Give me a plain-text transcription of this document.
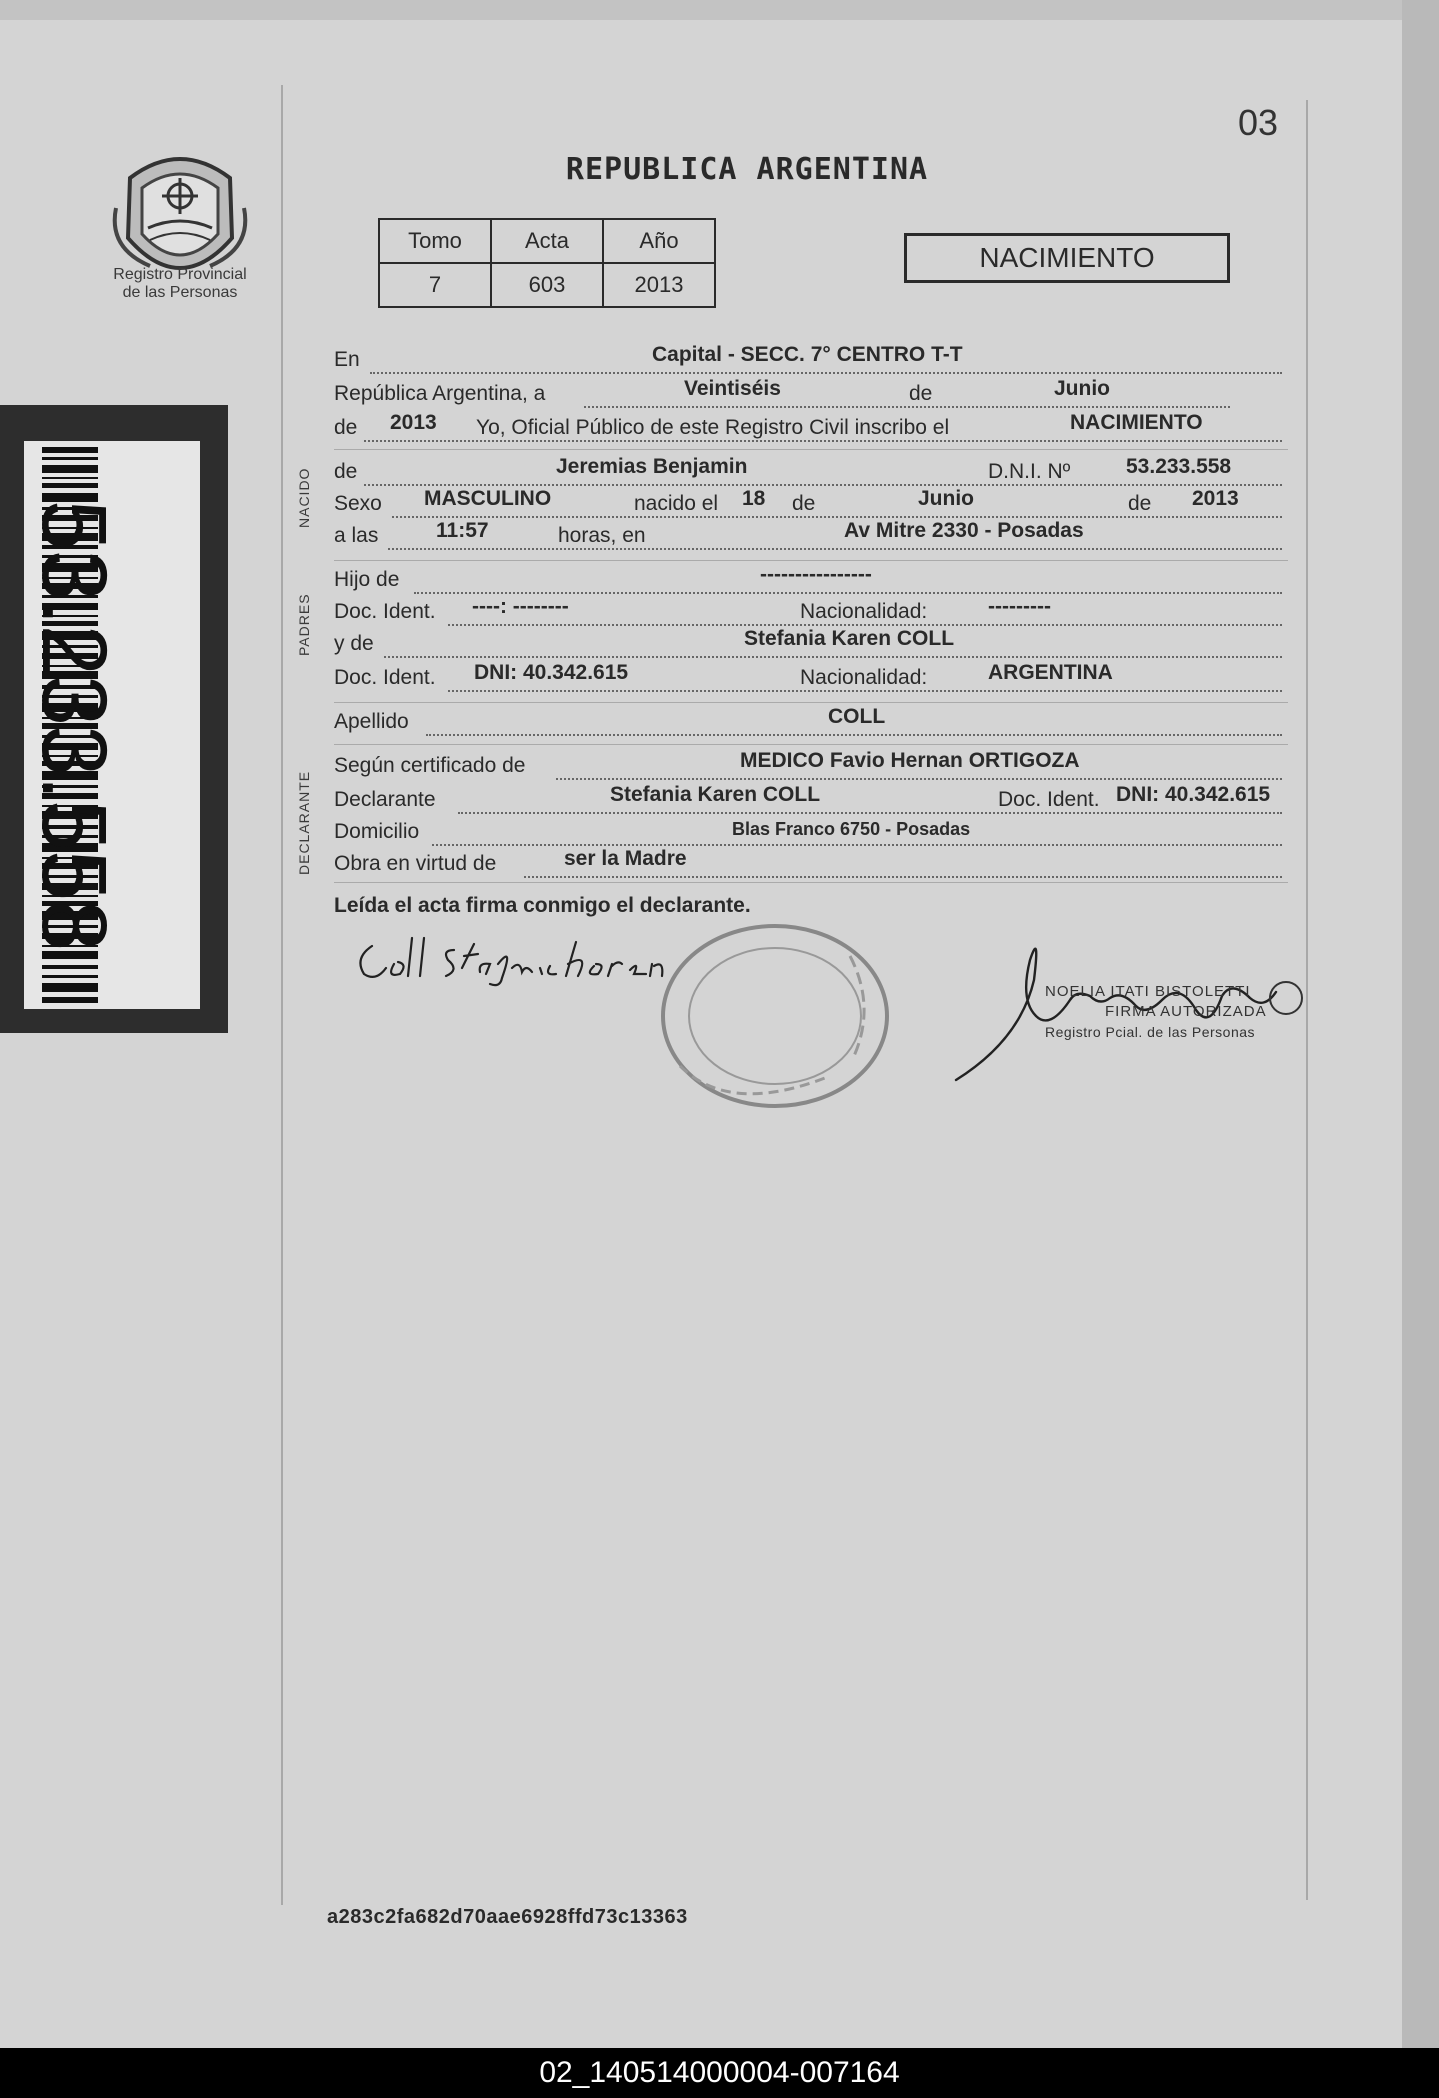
Registro Provincial
de las Personas
53.233.558
03
REPUBLICA ARGENTINA
Tomo	Acta	Año
7	603	2013
NACIMIENTO
NACIDO
PADRES
DECLARANTE
En	Capital - SECC. 7° CENTRO T-T
República Argentina, a	Veintiséis	de	Junio
de 2013 Yo, Oficial Público de este Registro Civil inscribo el	NACIMIENTO
de	Jeremias Benjamin	D.N.I. Nº	53.233.558
Sexo MASCULINO	nacido el 18 de	Junio	de 2013
a las	11:57	horas, en	Av Mitre 2330 - Posadas
Hijo de	----------------
Doc. Ident. ----: --------	Nacionalidad:	---------
y de	Stefania Karen COLL
Doc. Ident. DNI: 40.342.615	Nacionalidad:	ARGENTINA
Apellido	COLL
Según certificado de	MEDICO Favio Hernan ORTIGOZA
Declarante	Stefania Karen COLL	Doc. Ident. DNI: 40.342.615
Domicilio	Blas Franco 6750 - Posadas
Obra en virtud de	ser la Madre
Leída el acta firma conmigo el declarante.
NOELIA ITATI BISTOLETTI
FIRMA AUTORIZADA
Registro Pcial. de las Personas
a283c2fa682d70aae6928ffd73c13363
02_140514000004-007164
